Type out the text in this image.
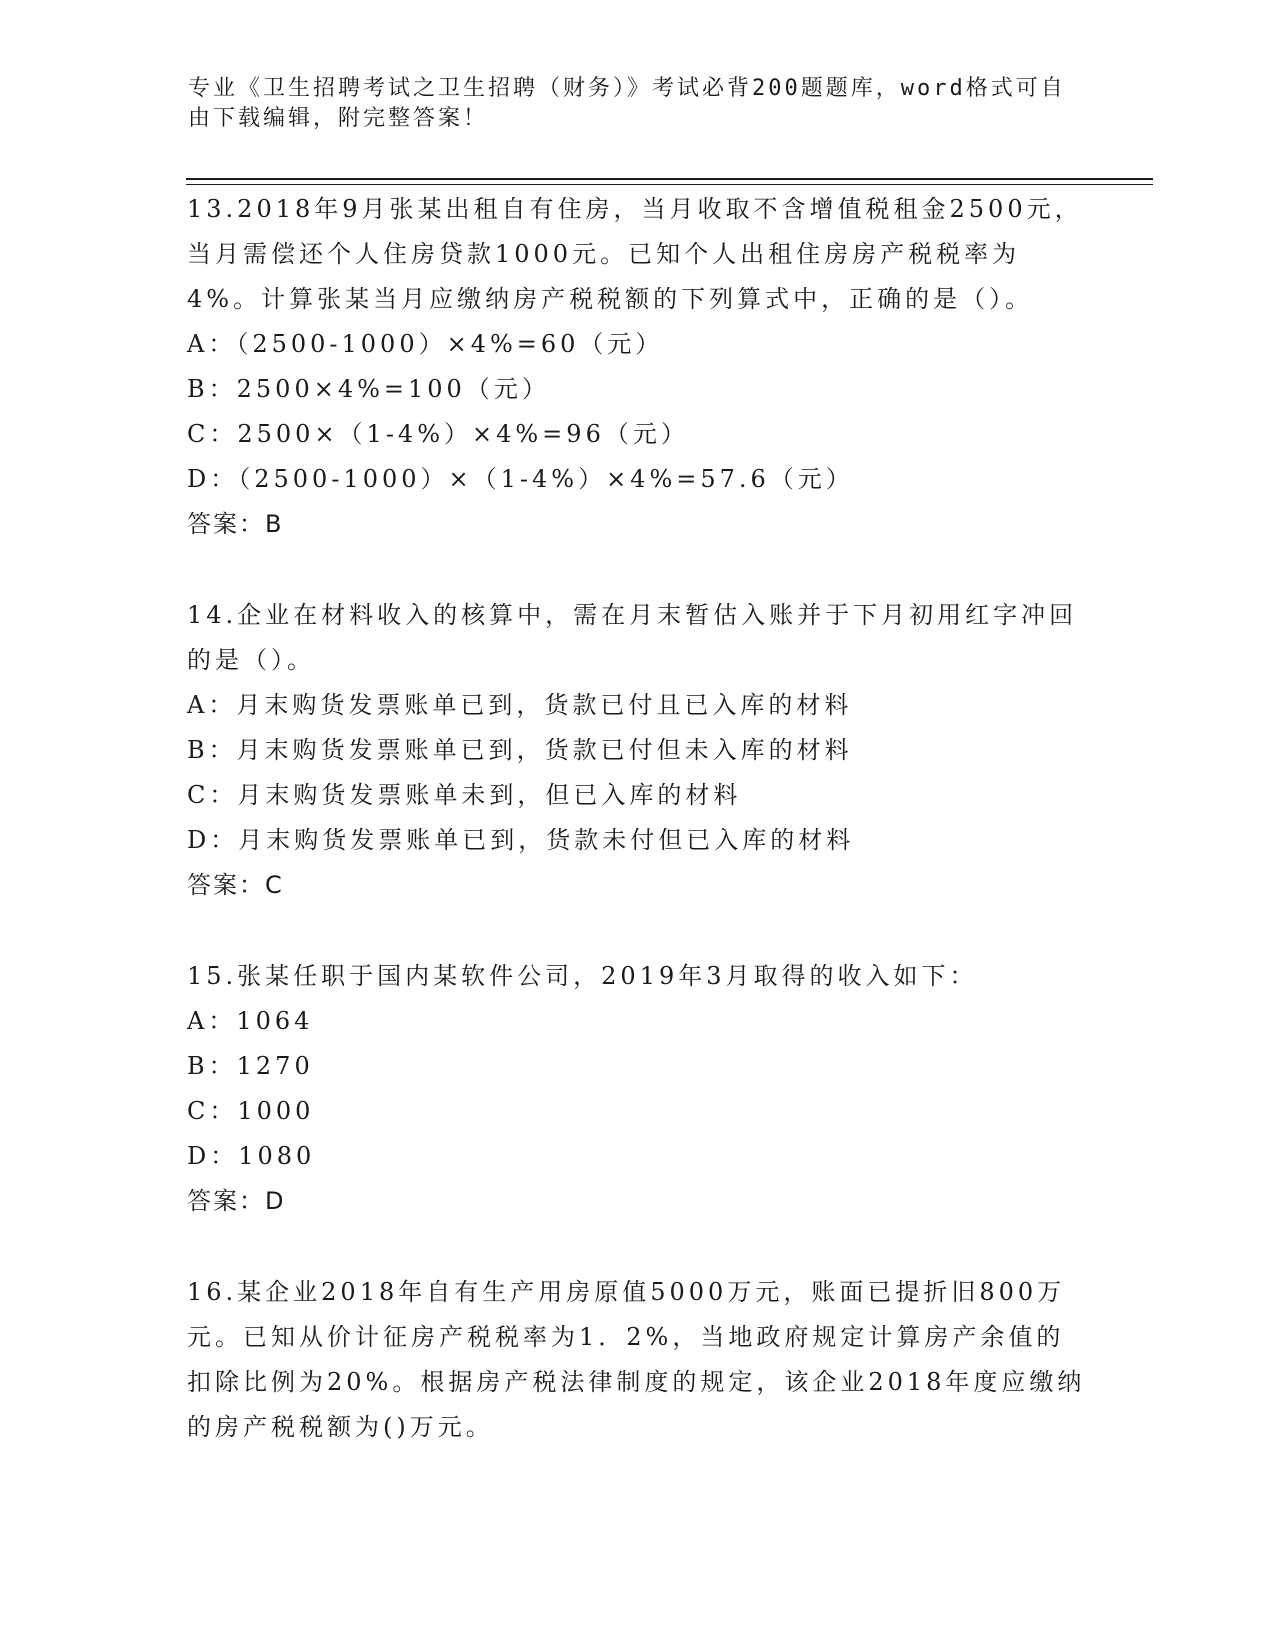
专业《卫生招聘考试之卫生招聘（财务）》考试必背200题题库，word格式可自由下载编辑，附完整答案！

13.2018年9月张某出租自有住房，当月收取不含增值税租金2500元，当月需偿还个人住房贷款1000元。已知个人出租住房房产税税率为4%。计算张某当月应缴纳房产税税额的下列算式中，正确的是（）。

A：（2500-1000）×4%=60（元）

B：2500×4%=100（元）

C：2500×（1-4%）×4%=96（元）

D：（2500-1000）×（1-4%）×4%=57.6（元）

答案：B

14.企业在材料收入的核算中，需在月末暂估入账并于下月初用红字冲回的是（）。

A：月末购货发票账单已到，货款已付且已入库的材料

B：月末购货发票账单已到，货款已付但未入库的材料

C：月末购货发票账单未到，但已入库的材料

D：月末购货发票账单已到，货款未付但已入库的材料

答案：C

15.张某任职于国内某软件公司，2019年3月取得的收入如下：

A：1064

B：1270

C：1000

D：1080

答案：D

16.某企业2018年自有生产用房原值5000万元，账面已提折旧800万元。已知从价计征房产税税率为1．2%，当地政府规定计算房产余值的扣除比例为20%。根据房产税法律制度的规定，该企业2018年度应缴纳的房产税税额为()万元。
